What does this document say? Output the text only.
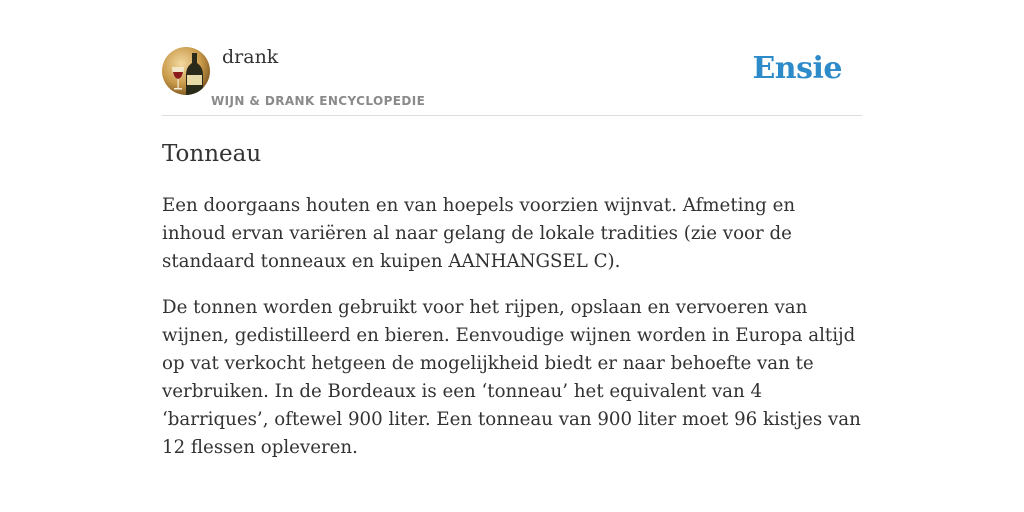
drank
WIJN & DRANK ENCYCLOPEDIE
Ensie
Tonneau

Een doorgaans houten en van hoepels voorzien wijnvat. Afmeting en inhoud ervan variëren al naar gelang de lokale tradities (zie voor de standaard tonneaux en kuipen AANHANGSEL C).

De tonnen worden gebruikt voor het rijpen, opslaan en vervoeren van wijnen, gedistilleerd en bieren. Eenvoudige wijnen worden in Europa altijd op vat verkocht hetgeen de mogelijkheid biedt er naar behoefte van te verbruiken. In de Bordeaux is een ‘tonneau’ het equivalent van 4 ‘barriques’, oftewel 900 liter. Een tonneau van 900 liter moet 96 kistjes van 12 flessen opleveren.
